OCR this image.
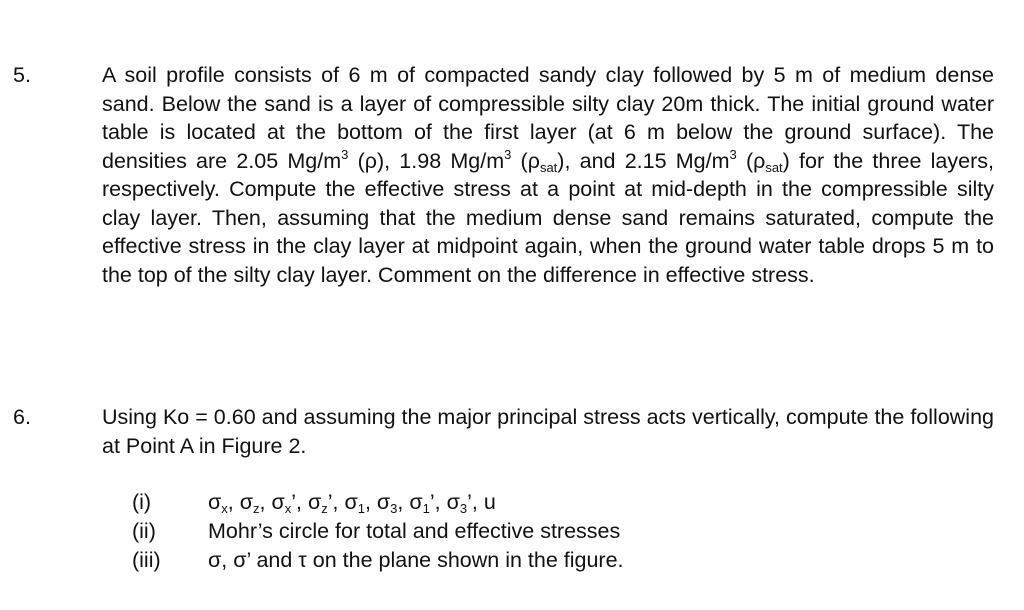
5.	A soil profile consists of 6 m of compacted sandy clay followed by 5 m of medium dense sand. Below the sand is a layer of compressible silty clay 20m thick. The initial ground water table is located at the bottom of the first layer (at 6 m below the ground surface). The densities are 2.05 $Mg/m^3$ (ρ), 1.98 $Mg/m^3$ $(\rho_{sat})$, and 2.15 $Mg/m^3$ $(\rho_{sat})$ for the three layers, respectively. Compute the effective stress at a point at mid-depth in the compressible silty clay layer. Then, assuming that the medium dense sand remains saturated, compute the effective stress in the clay layer at midpoint again, when the ground water table drops 5 m to the top of the silty clay layer. Comment on the difference in effective stress.
6.	Using Ko = 0.60 and assuming the major principal stress acts vertically, compute the following at Point A in Figure 2.
(i)	$\sigma_x$, $\sigma_z$, $\sigma_x$’, $\sigma_z$’, $\sigma_1$, $\sigma_3$, $\sigma_1$’, $\sigma_3$’, u
(ii) Mohr’s circle for total and effective stresses
(iii) σ, σ’ and τ on the plane shown in the figure.
